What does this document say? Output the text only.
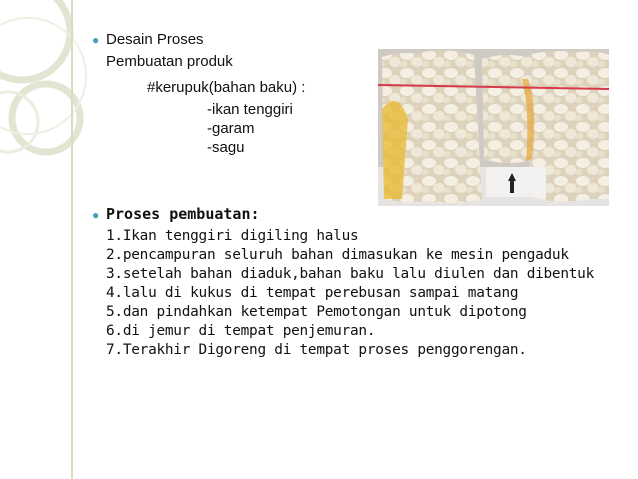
● Desain Proses
Pembuatan produk
#kerupuk(bahan baku) :
-ikan tenggiri
-garam
-sagu
● Proses pembuatan:
1.Ikan tenggiri digiling halus
2.pencampuran seluruh bahan dimasukan ke mesin pengaduk
3.setelah bahan diaduk,bahan baku lalu diulen dan dibentuk
4.lalu di kukus di tempat perebusan sampai matang
5.dan pindahkan ketempat Pemotongan untuk dipotong
6.di jemur di tempat penjemuran.
7.Terakhir Digoreng di tempat proses penggorengan.
